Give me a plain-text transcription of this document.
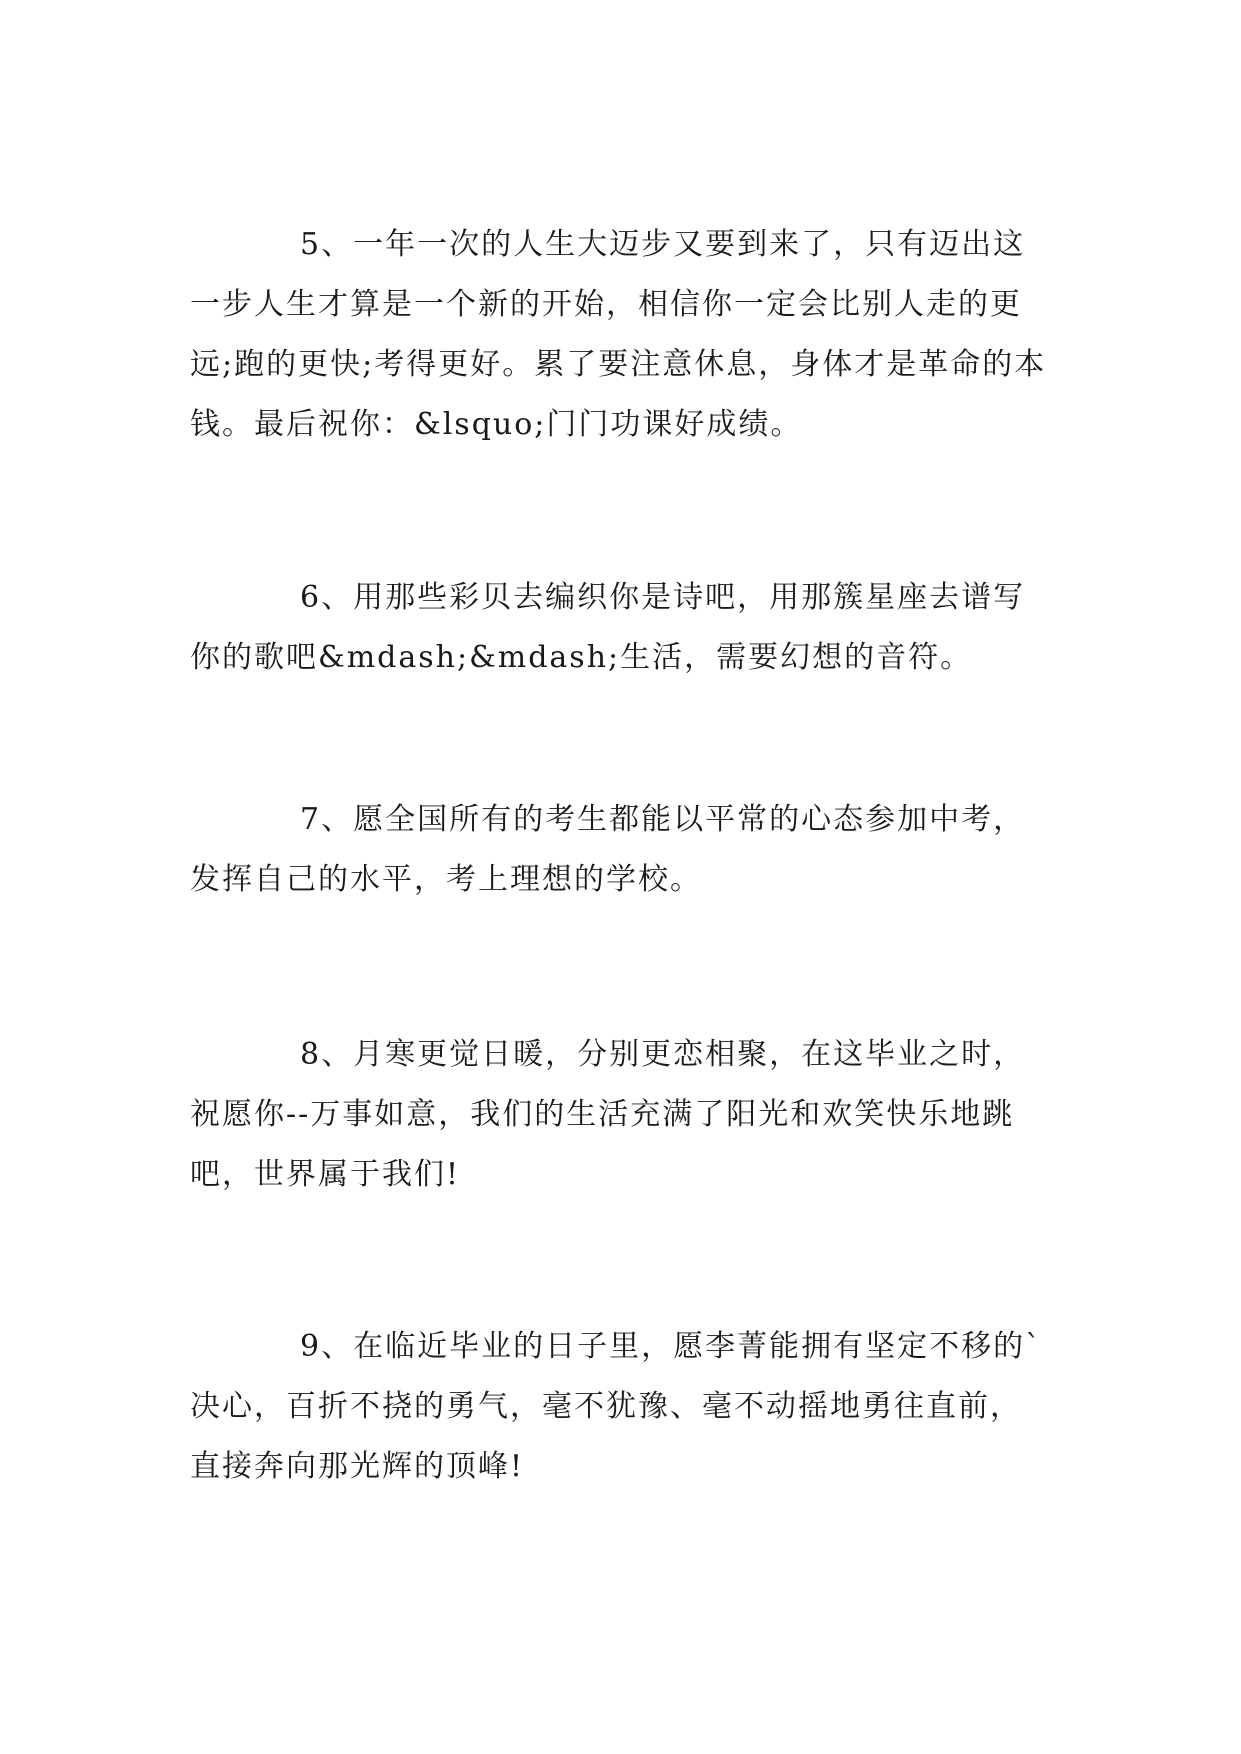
5、一年一次的人生大迈步又要到来了，只有迈出这一步人生才算是一个新的开始，相信你一定会比别人走的更远;跑的更快;考得更好。累了要注意休息，身体才是革命的本钱。最后祝你：&lsquo;门门功课好成绩。

6、用那些彩贝去编织你是诗吧，用那簇星座去谱写你的歌吧&mdash;&mdash;生活，需要幻想的音符。

7、愿全国所有的考生都能以平常的心态参加中考，发挥自己的水平，考上理想的学校。

8、月寒更觉日暖，分别更恋相聚，在这毕业之时，祝愿你--万事如意，我们的生活充满了阳光和欢笑快乐地跳吧，世界属于我们!

9、在临近毕业的日子里，愿李菁能拥有坚定不移的`决心，百折不挠的勇气，毫不犹豫、毫不动摇地勇往直前，直接奔向那光辉的顶峰!
